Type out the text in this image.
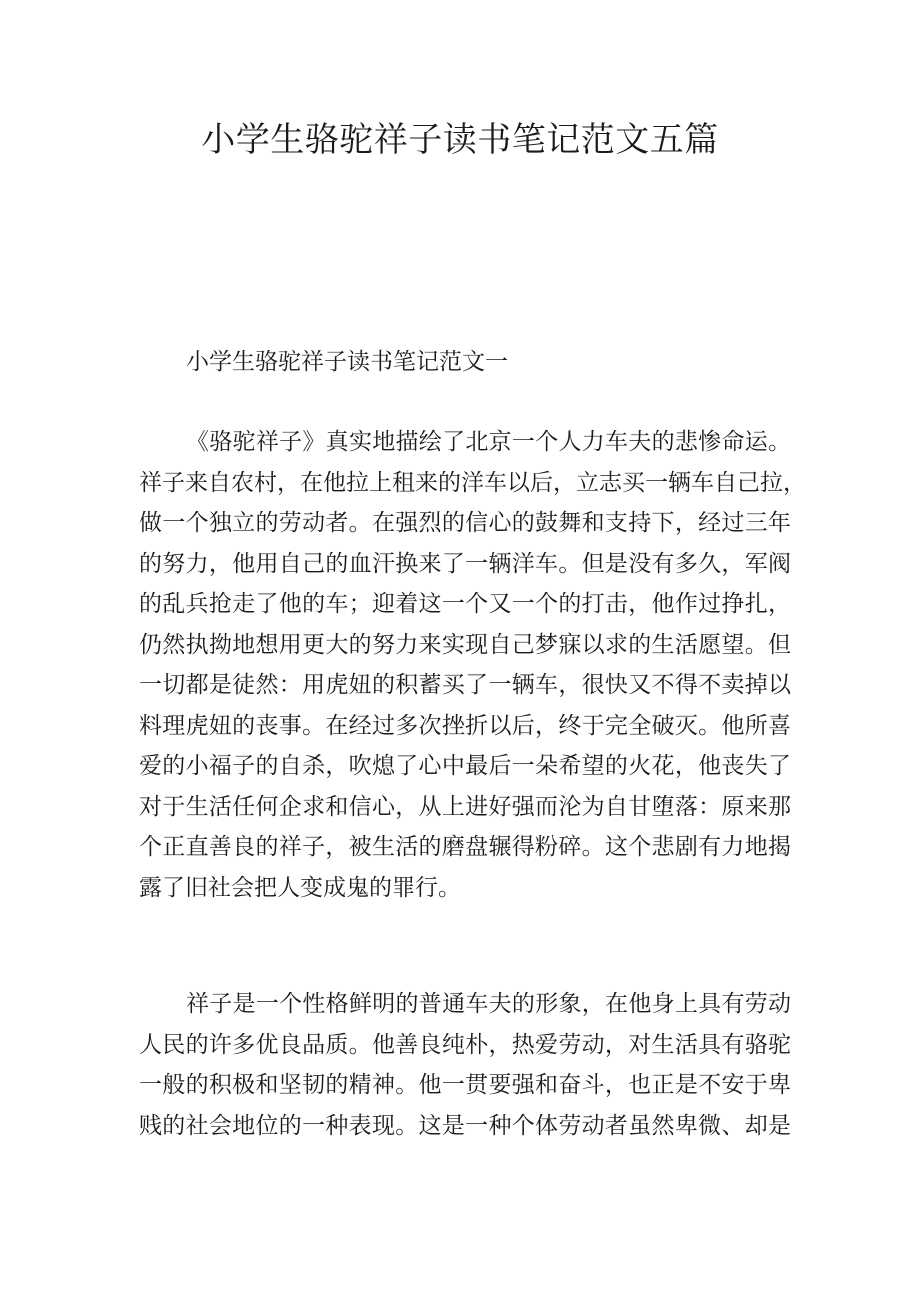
小学生骆驼祥子读书笔记范文五篇

小学生骆驼祥子读书笔记范文一

《骆驼祥子》真实地描绘了北京一个人力车夫的悲惨命运。
祥子来自农村，在他拉上租来的洋车以后，立志买一辆车自己拉，
做一个独立的劳动者。在强烈的信心的鼓舞和支持下，经过三年
的努力，他用自己的血汗换来了一辆洋车。但是没有多久，军阀
的乱兵抢走了他的车；迎着这一个又一个的打击，他作过挣扎，
仍然执拗地想用更大的努力来实现自己梦寐以求的生活愿望。但
一切都是徒然：用虎妞的积蓄买了一辆车，很快又不得不卖掉以
料理虎妞的丧事。在经过多次挫折以后，终于完全破灭。他所喜
爱的小福子的自杀，吹熄了心中最后一朵希望的火花，他丧失了
对于生活任何企求和信心，从上进好强而沦为自甘堕落：原来那
个正直善良的祥子，被生活的磨盘辗得粉碎。这个悲剧有力地揭
露了旧社会把人变成鬼的罪行。
祥子是一个性格鲜明的普通车夫的形象，在他身上具有劳动
人民的许多优良品质。他善良纯朴，热爱劳动，对生活具有骆驼
一般的积极和坚韧的精神。他一贯要强和奋斗，也正是不安于卑
贱的社会地位的一种表现。这是一种个体劳动者虽然卑微、却是
